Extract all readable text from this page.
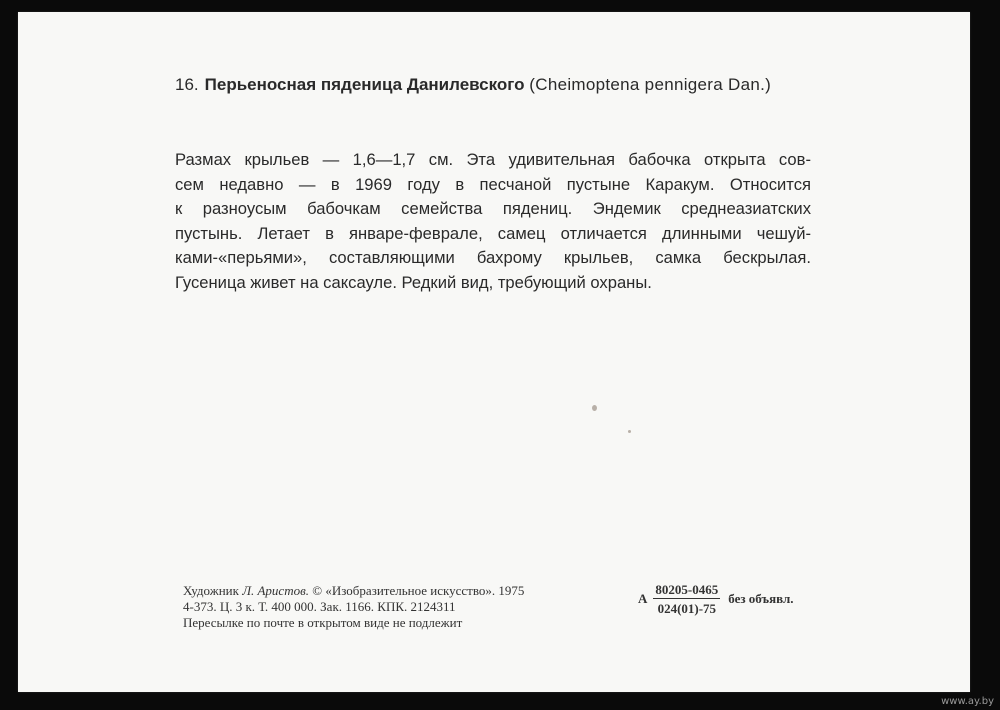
16. Перьеносная пяденица Данилевского (Cheimoptena pennigera Dan.)
Размах крыльев — 1,6—1,7 см. Эта удивительная бабочка открыта сов-
сем недавно — в 1969 году в песчаной пустыне Каракум. Относится
к разноусым бабочкам семейства пядениц. Эндемик среднеазиатских
пустынь. Летает в январе-феврале, самец отличается длинными чешуй-
ками-«перьями», составляющими бахрому крыльев, самка бескрылая.
Гусеница живет на саксауле. Редкий вид, требующий охраны.
Художник Л. Аристов. © «Изобразительное искусство». 1975
4-373. Ц. 3 к. Т. 400 000. Зак. 1166. КПК. 2124311
Пересылке по почте в открытом виде не подлежит
А $\frac{80205-0465}{024(01)-75}$ без объявл.
www.ay.by
